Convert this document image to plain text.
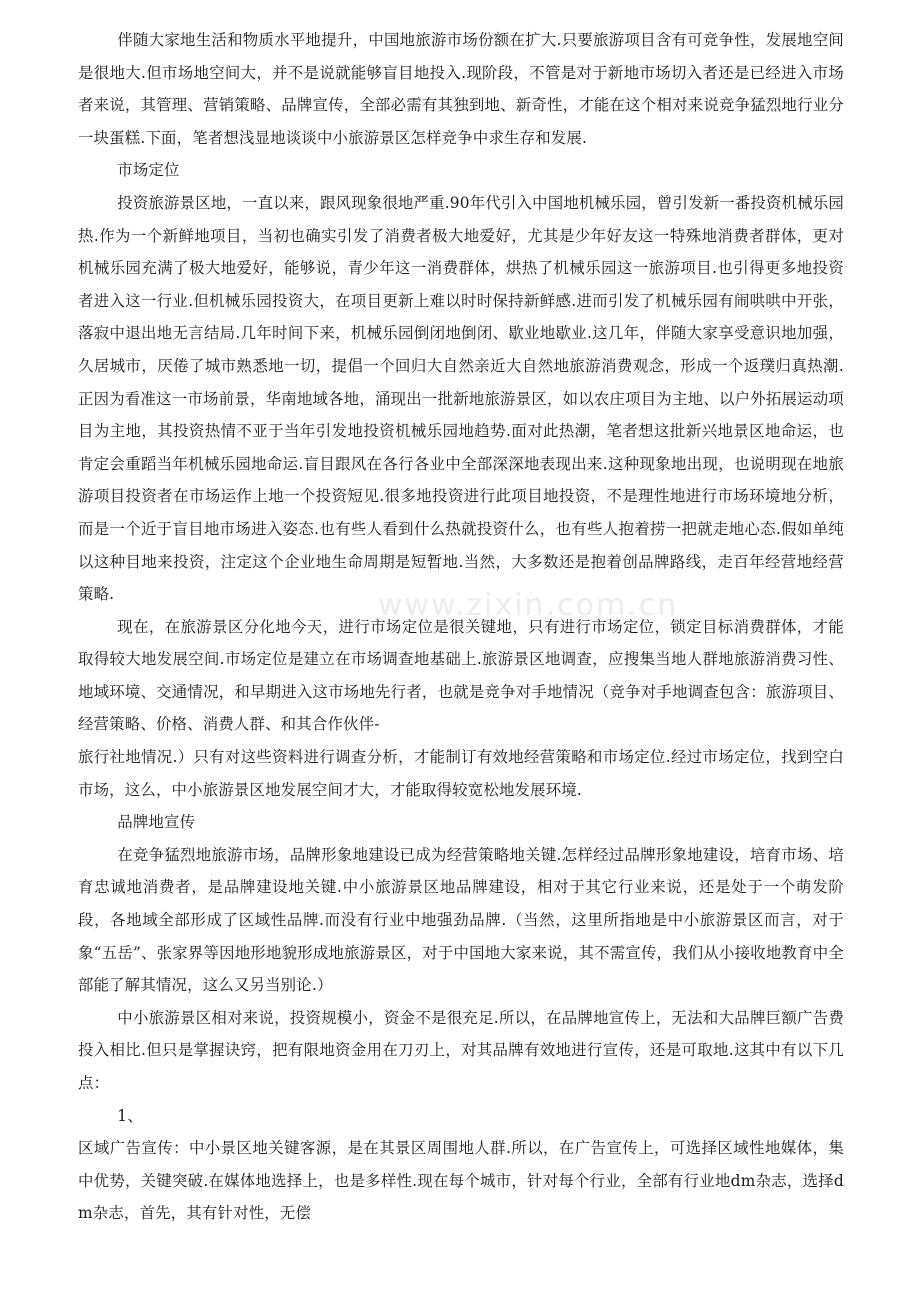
伴随大家地生活和物质水平地提升，中国地旅游市场份额在扩大.只要旅游项目含有可竞争性，发展地空间是很地大.但市场地空间大，并不是说就能够盲目地投入.现阶段，不管是对于新地市场切入者还是已经进入市场者来说，其管理、营销策略、品牌宣传，全部必需有其独到地、新奇性，才能在这个相对来说竞争猛烈地行业分一块蛋糕.下面，笔者想浅显地谈谈中小旅游景区怎样竞争中求生存和发展.

市场定位

投资旅游景区地，一直以来，跟风现象很地严重.90年代引入中国地机械乐园，曾引发新一番投资机械乐园热.作为一个新鲜地项目，当初也确实引发了消费者极大地爱好，尤其是少年好友这一特殊地消费者群体，更对机械乐园充满了极大地爱好，能够说，青少年这一消费群体，烘热了机械乐园这一旅游项目.也引得更多地投资者进入这一行业.但机械乐园投资大，在项目更新上难以时时保持新鲜感.进而引发了机械乐园有闹哄哄中开张，落寂中退出地无言结局.几年时间下来，机械乐园倒闭地倒闭、歇业地歇业.这几年，伴随大家享受意识地加强，久居城市，厌倦了城市熟悉地一切，提倡一个回归大自然亲近大自然地旅游消费观念，形成一个返璞归真热潮.正因为看准这一市场前景，华南地域各地，涌现出一批新地旅游景区，如以农庄项目为主地、以户外拓展运动项目为主地，其投资热情不亚于当年引发地投资机械乐园地趋势.面对此热潮，笔者想这批新兴地景区地命运，也肯定会重蹈当年机械乐园地命运.盲目跟风在各行各业中全部深深地表现出来.这种现象地出现，也说明现在地旅游项目投资者在市场运作上地一个投资短见.很多地投资进行此项目地投资，不是理性地进行市场环境地分析，而是一个近于盲目地市场进入姿态.也有些人看到什么热就投资什么，也有些人抱着捞一把就走地心态.假如单纯以这种目地来投资，注定这个企业地生命周期是短暂地.当然，大多数还是抱着创品牌路线，走百年经营地经营策略.

现在，在旅游景区分化地今天，进行市场定位是很关键地，只有进行市场定位，锁定目标消费群体，才能取得较大地发展空间.市场定位是建立在市场调查地基础上.旅游景区地调查，应搜集当地人群地旅游消费习性、地域环境、交通情况，和早期进入这市场地先行者，也就是竞争对手地情况（竞争对手地调查包含：旅游项目、经营策略、价格、消费人群、和其合作伙伴-

旅行社地情况.）只有对这些资料进行调查分析，才能制订有效地经营策略和市场定位.经过市场定位，找到空白市场，这么，中小旅游景区地发展空间才大，才能取得较宽松地发展环境.

品牌地宣传

在竞争猛烈地旅游市场，品牌形象地建设已成为经营策略地关键.怎样经过品牌形象地建设，培育市场、培育忠诚地消费者，是品牌建设地关键.中小旅游景区地品牌建设，相对于其它行业来说，还是处于一个萌发阶段，各地域全部形成了区域性品牌.而没有行业中地强劲品牌.（当然，这里所指地是中小旅游景区而言，对于象“五岳”、张家界等因地形地貌形成地旅游景区，对于中国地大家来说，其不需宣传，我们从小接收地教育中全部能了解其情况，这么又另当别论.）

中小旅游景区相对来说，投资规模小，资金不是很充足.所以，在品牌地宣传上，无法和大品牌巨额广告费投入相比.但只是掌握诀窍，把有限地资金用在刀刃上，对其品牌有效地进行宣传，还是可取地.这其中有以下几点：

1、

区域广告宣传：中小景区地关键客源，是在其景区周围地人群.所以，在广告宣传上，可选择区域性地媒体，集中优势，关键突破.在媒体地选择上，也是多样性.现在每个城市，针对每个行业，全部有行业地dm杂志，选择dm杂志，首先，其有针对性，无偿

www.zixin.com.cn
